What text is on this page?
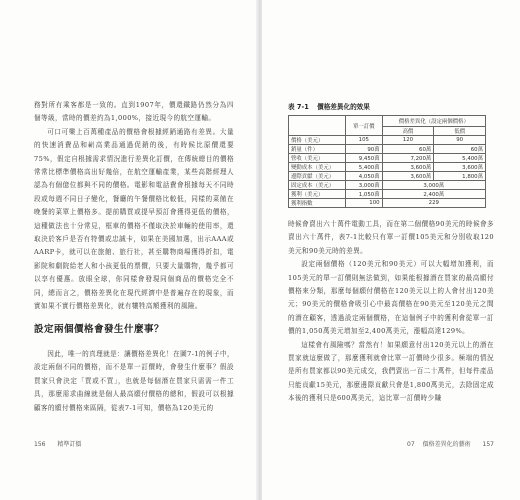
務對所有乘客都是一致的。直到1907年，價還鐵路仍然分為四個等級，當時的價差約為1,000%，接近現今的航空運輸。

可口可樂上百萬種產品的價格會根據經銷通路有差異。大量的快速消費品和嶄高業品通過促銷的後，有時候比原價還要75%，假定自根據需求情況進行差異化訂價，在傳統總目的價格常常比標準價格高出好幾倍，在航空運輸產業，某些高階經理人認為有個億位都與不同的價格。電影和電話費會根據每天不同時段或每週不同日子變化，餐廳的午餐價格比較低，同樣的菜餚在晚餐的菜單上價格多。提前購買或提早預訂會獲得更低的價格，這種做法也十分常見，框車的價格不僅取決於車輛的使用率，還取決於客戶是否有特價或忠誠卡，如果在美國加選，出示AAA或AARP卡，就可以在旅館、旅行社，甚至購物商場獲得折扣，電影院和劇院給老人和小孩更低的票價，只要大量購物，幾乎都可以享有優惠。放眼全球，你同樣會發現同個商品的價格完全不同，總而言之，價格差異化在現代經濟中是普遍存在的現象，而實如果不實行價格差異化，就有犧牲高額獲利的風險。

設定兩個價格會發生什麼事？

因此，唯一的真理就是：讓價格差異化！在圖7-1的例子中，設定兩個不同的價格，而不是單一訂價時，會發生什麼事？假設買家只會決定「買或不買」，也就是每個潛在買家只需需一件工具，那麼需求曲線就是個人最高願付價格的總和，假設可以根據顧客的願付價格來區隔，從表7-1可知，價格為120美元的

156 精準訂價
表 7-1 價格差異化的效果
	單一訂價	價格差異化（設定兩個價格）	
		高價	低價
價格（美元）	105	120	90
銷量（件）	90萬	60萬	60萬
營收（美元）	9,450萬	7,200萬	5,400萬
變動成本（美元）	5,400萬	3,600萬	3,600萬
邊際貢獻（美元）	4,050萬	3,600萬	1,800萬
固定成本（美元）	3,000萬	3,000萬	
獲利（美元）	1,050萬	2,400萬	
獲利指數	100	229	

時候會賣出六十萬件電動工具，而在第二個價格90美元的時候會多賣出六十萬件，表7-1比較只有單一訂價105美元和分別收取120美元和90美元時的差異。

設定兩個價格（120美元和90美元）可以大幅增加獲利，而105美元的單一訂價則無法做到，如果能根據潛在買家的最高願付價格來分類，那麼每個願付價格在120美元以上的人會付出120美元；90美元的價格會吸引心中最高價格在90美元至120美元之間的潛在顧客，透過設定兩個價格，在這個例子中的獲利會從單一訂價的1,050萬美元增加至2,400萬美元，漲幅高達129%。

這樣會有風險嗎？當然有！如果願意付出120美元以上的潛在買家就這麼做了，那麼獲利就會比單一訂價時少很多。極端的情況是所有買家都以90美元成交，我們賣出一百二十萬件，但每件產品只能貢獻15美元，那麼邊際貢獻只會是1,800萬美元，去除固定成本後的獲利只是600萬美元，這比單一訂價時少賺

07 價格差異化的藝術 157
